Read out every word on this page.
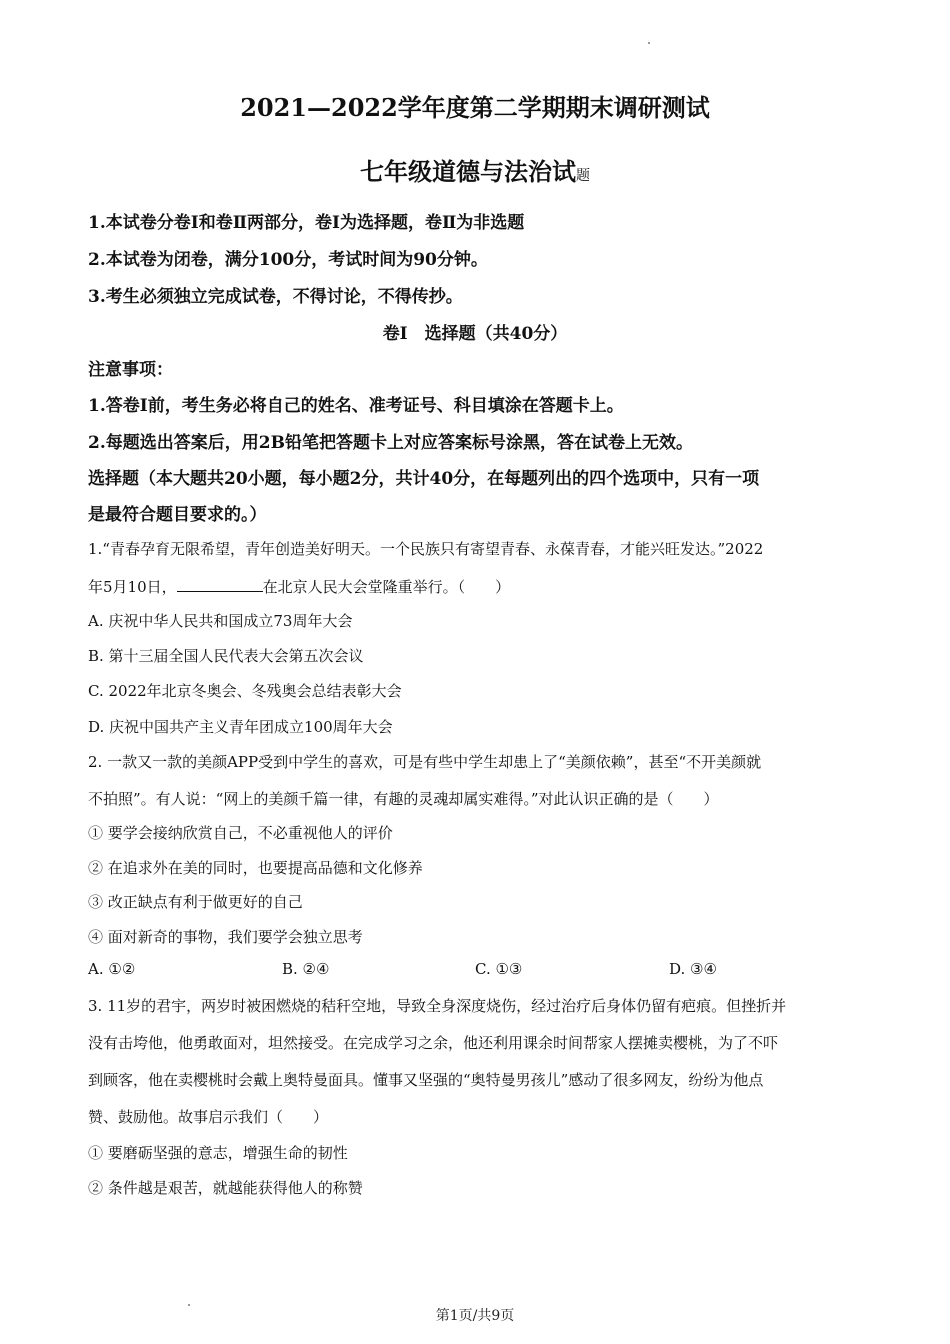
2021—2022学年度第二学期期末调研测试
七年级道德与法治试题
1.本试卷分卷Ⅰ和卷Ⅱ两部分，卷Ⅰ为选择题，卷Ⅱ为非选题
2.本试卷为闭卷，满分100分，考试时间为90分钟。
3.考生必须独立完成试卷，不得讨论，不得传抄。
卷Ⅰ　选择题（共40分）
注意事项：
1.答卷Ⅰ前，考生务必将自己的姓名、准考证号、科目填涂在答题卡上。
2.每题选出答案后，用2B铅笔把答题卡上对应答案标号涂黑，答在试卷上无效。
选择题（本大题共20小题，每小题2分，共计40分，在每题列出的四个选项中，只有一项
是最符合题目要求的。）
1.“青春孕育无限希望，青年创造美好明天。一个民族只有寄望青春、永葆青春，才能兴旺发达。”2022
年5月10日，	在北京人民大会堂隆重举行。（　　）
A. 庆祝中华人民共和国成立73周年大会
B. 第十三届全国人民代表大会第五次会议
C. 2022年北京冬奥会、冬残奥会总结表彰大会
D. 庆祝中国共产主义青年团成立100周年大会
2. 一款又一款的美颜APP受到中学生的喜欢，可是有些中学生却患上了“美颜依赖”，甚至“不开美颜就
不拍照”。有人说：“网上的美颜千篇一律，有趣的灵魂却属实难得。”对此认识正确的是（　　）
① 要学会接纳欣赏自己，不必重视他人的评价
② 在追求外在美的同时，也要提高品德和文化修养
③ 改正缺点有利于做更好的自己
④ 面对新奇的事物，我们要学会独立思考
A. ①②	B. ②④	C. ①③	D. ③④
3. 11岁的君宇，两岁时被困燃烧的秸秆空地，导致全身深度烧伤，经过治疗后身体仍留有疤痕。但挫折并
没有击垮他，他勇敢面对，坦然接受。在完成学习之余，他还利用课余时间帮家人摆摊卖樱桃，为了不吓
到顾客，他在卖樱桃时会戴上奥特曼面具。懂事又坚强的“奥特曼男孩儿”感动了很多网友，纷纷为他点
赞、鼓励他。故事启示我们（　　）
① 要磨砺坚强的意志，增强生命的韧性
② 条件越是艰苦，就越能获得他人的称赞
第1页/共9页
